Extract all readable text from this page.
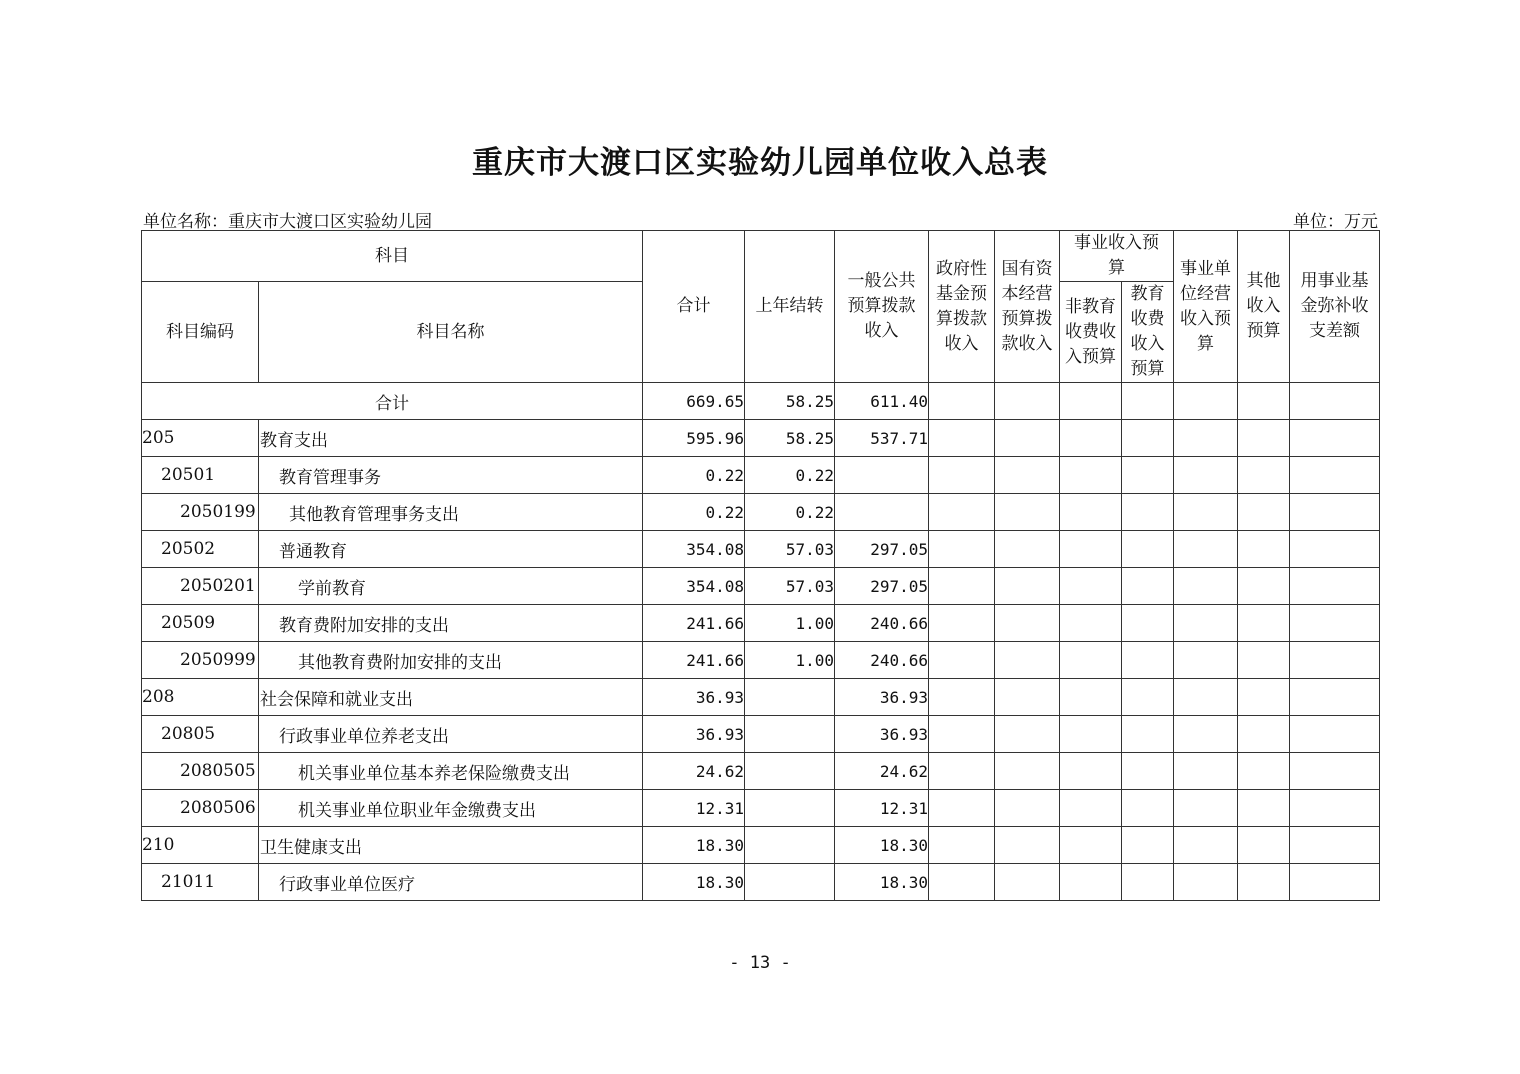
重庆市大渡口区实验幼儿园单位收入总表
单位名称：重庆市大渡口区实验幼儿园	单位：万元
科目		合计	上年结转	一般公共预算拨款收入	政府性基金预算拨款收入	国有资本经营预算拨款收入	事业收入预算		事业单位经营收入预算	其他收入预算	用事业基金弥补收支差额
科目编码	科目名称						非教育收费收入预算	教育收费收入预算			

合计		669.65	58.25	611.40							
205	教育支出	595.96	58.25	537.71							
20501	教育管理事务	0.22	0.22								
2050199	其他教育管理事务支出	0.22	0.22								
20502	普通教育	354.08	57.03	297.05							
2050201	学前教育	354.08	57.03	297.05							
20509	教育费附加安排的支出	241.66	1.00	240.66							
2050999	其他教育费附加安排的支出	241.66	1.00	240.66							
208	社会保障和就业支出	36.93		36.93							
20805	行政事业单位养老支出	36.93		36.93							
2080505	机关事业单位基本养老保险缴费支出	24.62		24.62							
2080506	机关事业单位职业年金缴费支出	12.31		12.31							
210	卫生健康支出	18.30		18.30							
21011	行政事业单位医疗	18.30		18.30							
- 13 -
